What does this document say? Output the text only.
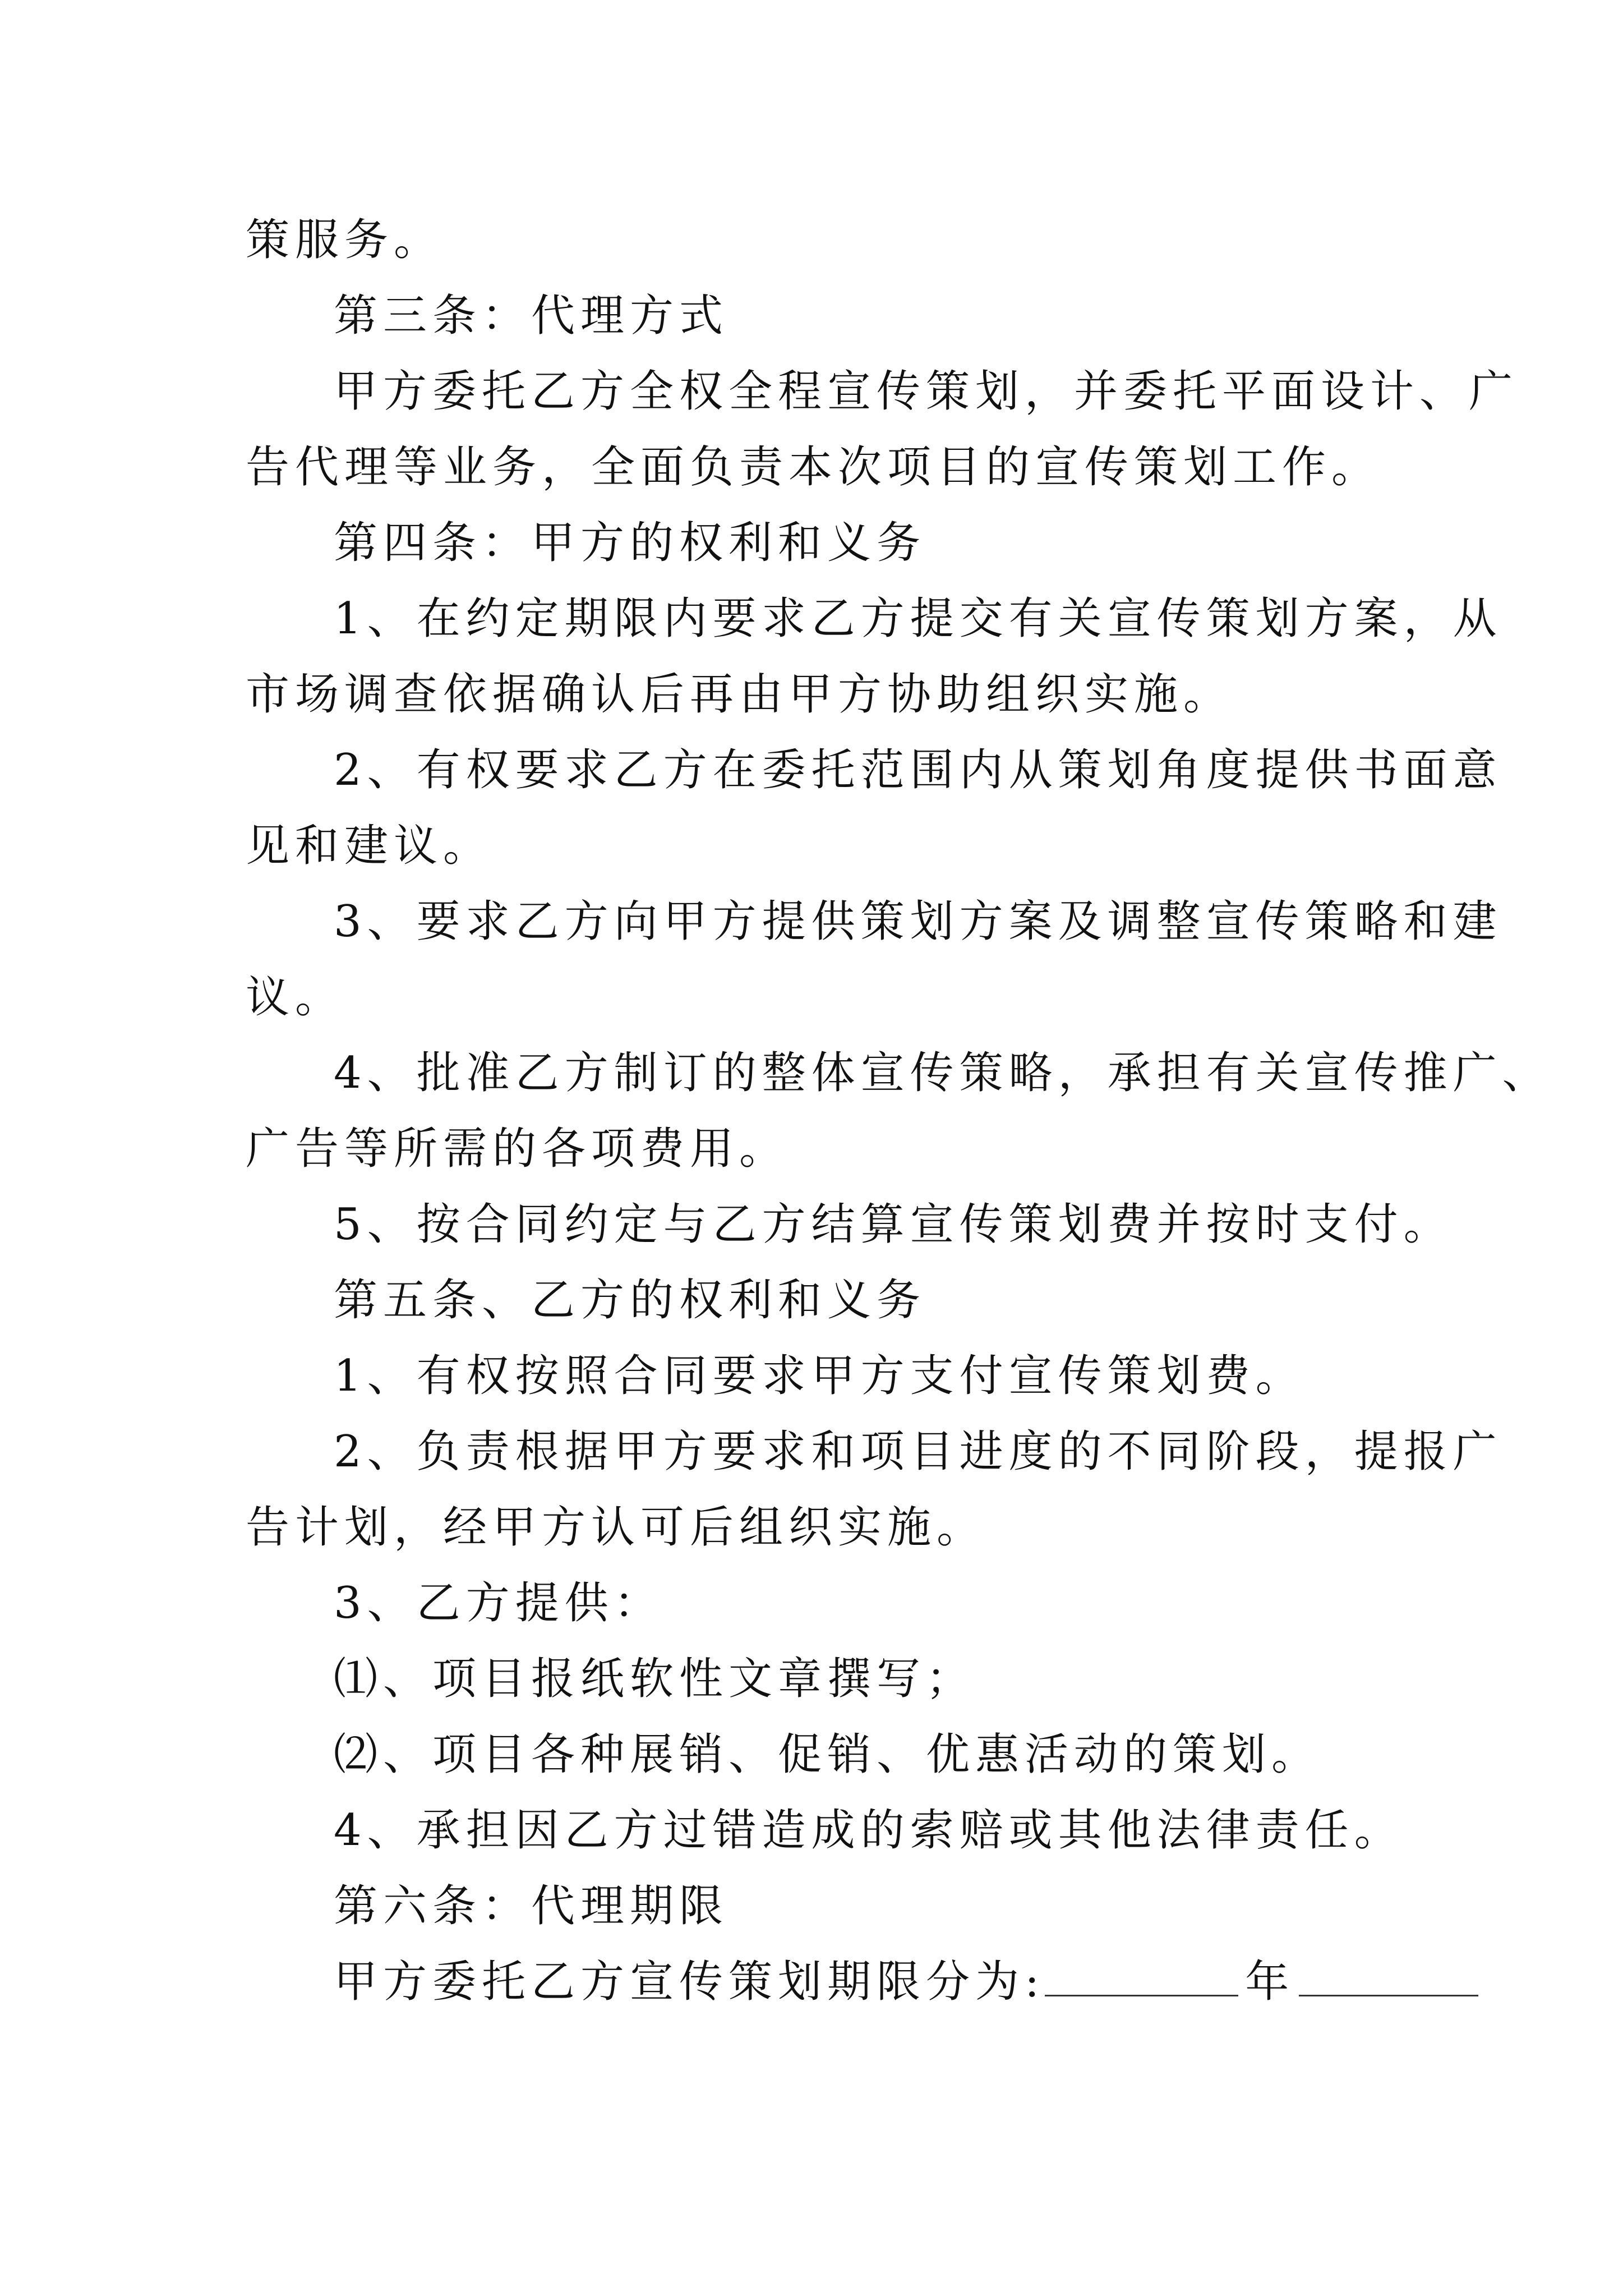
策服务。
第三条：代理方式
甲方委托乙方全权全程宣传策划，并委托平面设计、广
告代理等业务，全面负责本次项目的宣传策划工作。
第四条：甲方的权利和义务
1、在约定期限内要求乙方提交有关宣传策划方案，从
市场调查依据确认后再由甲方协助组织实施。
2、有权要求乙方在委托范围内从策划角度提供书面意
见和建议。
3、要求乙方向甲方提供策划方案及调整宣传策略和建
议。
4、批准乙方制订的整体宣传策略，承担有关宣传推广、
广告等所需的各项费用。
5、按合同约定与乙方结算宣传策划费并按时支付。
第五条、乙方的权利和义务
1、有权按照合同要求甲方支付宣传策划费。
2、负责根据甲方要求和项目进度的不同阶段，提报广
告计划，经甲方认可后组织实施。
3、乙方提供：
⑴、项目报纸软性文章撰写；
⑵、项目各种展销、促销、优惠活动的策划。
4、承担因乙方过错造成的索赔或其他法律责任。
第六条：代理期限
甲方委托乙方宣传策划期限分为:	年
